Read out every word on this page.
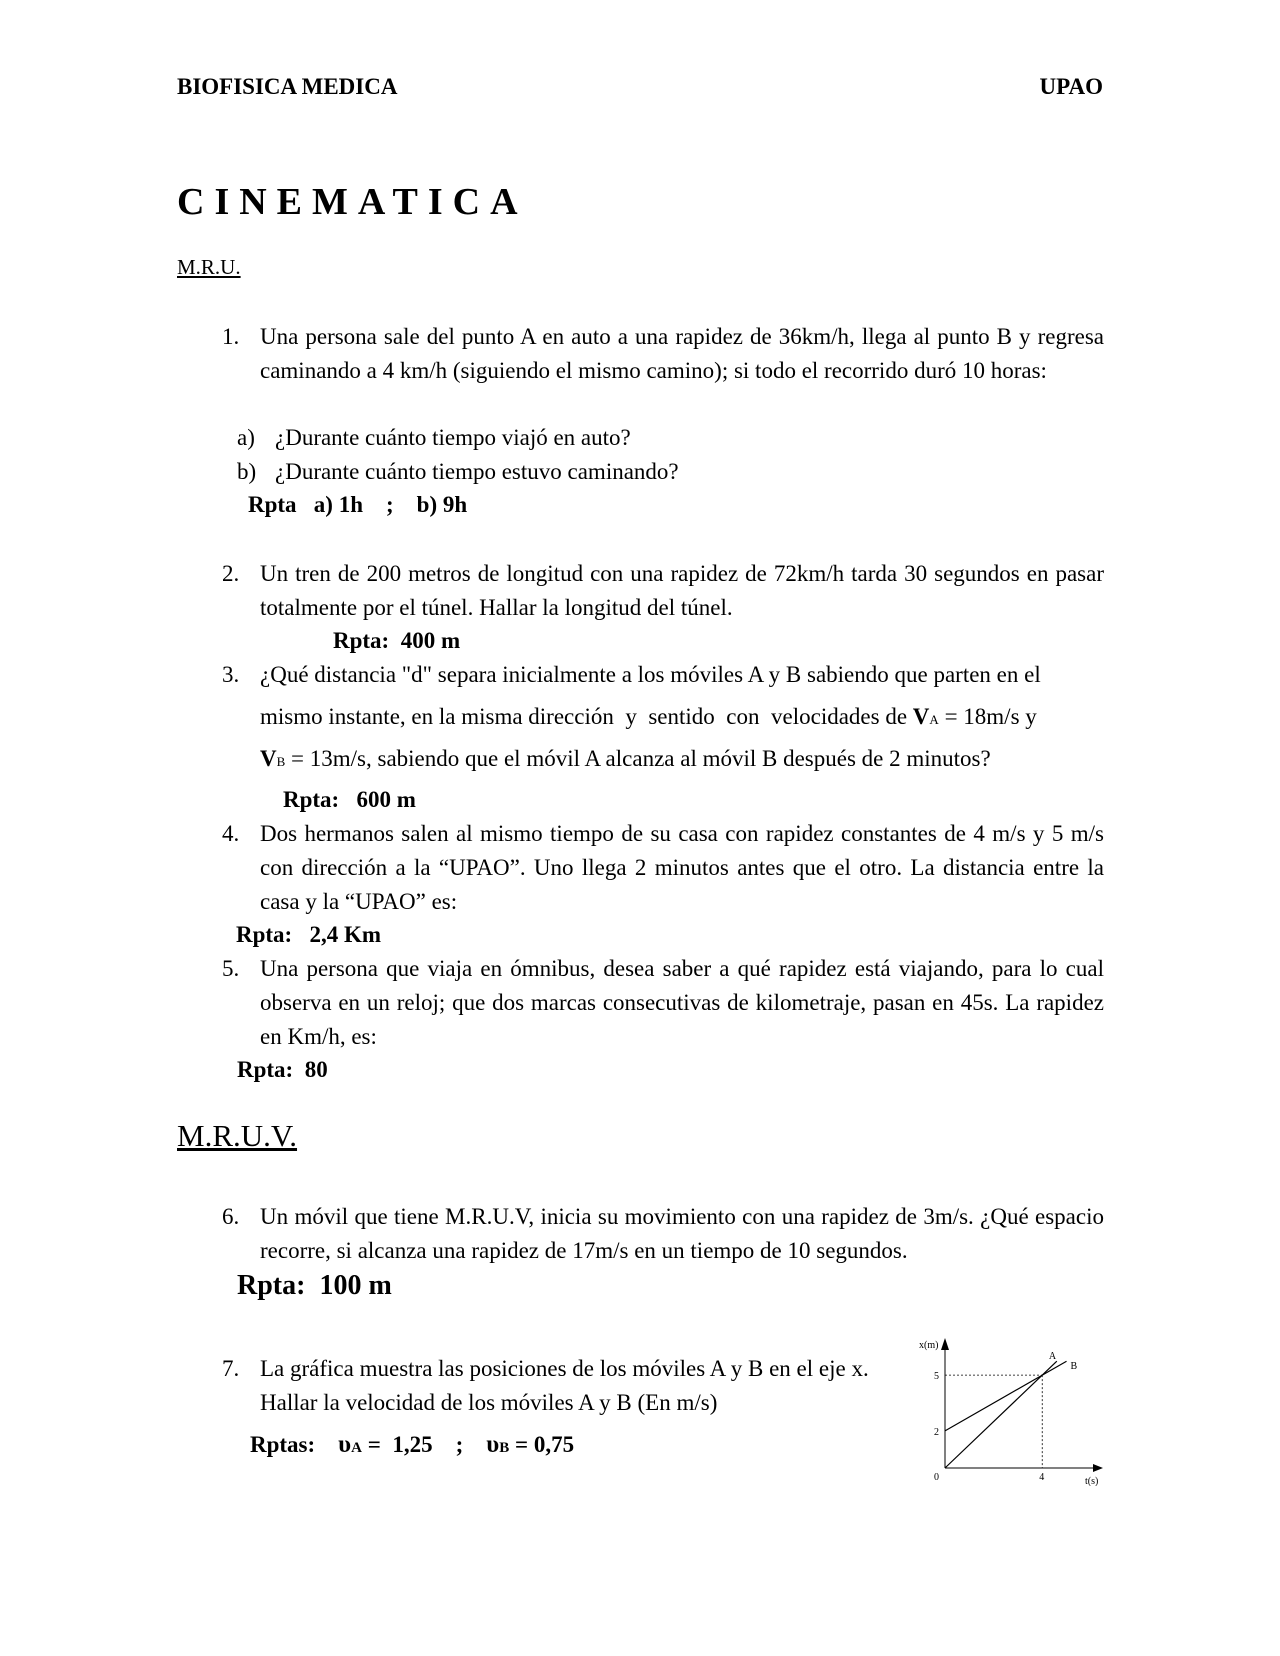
BIOFISICA MEDICA	UPAO
CINEMATICA
M.R.U.
1. Una persona sale del punto A en auto a una rapidez de 36km/h, llega al punto B y regresa caminando a 4 km/h (siguiendo el mismo camino); si todo el recorrido duró 10 horas:
a) ¿Durante cuánto tiempo viajó en auto?
b) ¿Durante cuánto tiempo estuvo caminando?
Rpta   a) 1h    ;    b) 9h
2. Un tren de 200 metros de longitud con una rapidez de 72km/h tarda 30 segundos en pasar totalmente por el túnel. Hallar la longitud del túnel.
Rpta:  400 m
3. ¿Qué distancia "d" separa inicialmente a los móviles A y B sabiendo que parten en el
mismo instante, en la misma dirección  y  sentido  con  velocidades de VA = 18m/s y
VB = 13m/s, sabiendo que el móvil A alcanza al móvil B después de 2 minutos?
Rpta:   600 m
4. Dos hermanos salen al mismo tiempo de su casa con rapidez constantes de 4 m/s y 5 m/s con dirección a la “UPAO”. Uno llega 2 minutos antes que el otro. La distancia entre la casa y la “UPAO” es:
Rpta:   2,4 Km
5. Una persona que viaja en ómnibus, desea saber a qué rapidez está viajando, para lo cual observa en un reloj; que dos marcas consecutivas de kilometraje, pasan en 45s. La rapidez en Km/h, es:
Rpta:  80
M.R.U.V.
6. Un móvil que tiene M.R.U.V, inicia su movimiento con una rapidez de 3m/s. ¿Qué espacio recorre, si alcanza una rapidez de 17m/s en un tiempo de 10 segundos.
Rpta:  100 m
7. La gráfica muestra las posiciones de los móviles A y B en el eje x. Hallar la velocidad de los móviles A y B (En m/s)
Rptas: υA =  1,25 ; υB = 0,75
x(m)
t(s)
0	4
2
5
A
B
